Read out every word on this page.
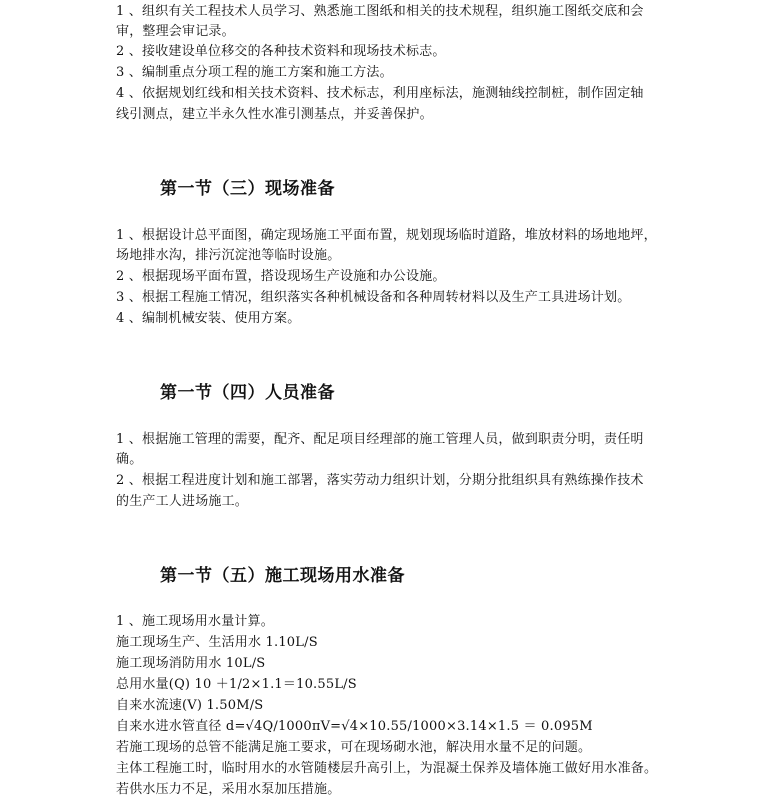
1 、组织有关工程技术人员学习、熟悉施工图纸和相关的技术规程，组织施工图纸交底和会
审，整理会审记录。
2 、接收建设单位移交的各种技术资料和现场技术标志。
3 、编制重点分项工程的施工方案和施工方法。
4 、依据规划红线和相关技术资料、技术标志，利用座标法，施测轴线控制桩，制作固定轴
线引测点，建立半永久性水准引测基点，并妥善保护。
第一节（三）现场准备
1 、根据设计总平面图，确定现场施工平面布置，规划现场临时道路，堆放材料的场地地坪，
场地排水沟，排污沉淀池等临时设施。
2 、根据现场平面布置，搭设现场生产设施和办公设施。
3 、根据工程施工情况，组织落实各种机械设备和各种周转材料以及生产工具进场计划。
4 、编制机械安装、使用方案。
第一节（四）人员准备
1 、根据施工管理的需要，配齐、配足项目经理部的施工管理人员，做到职责分明，责任明
确。
2 、根据工程进度计划和施工部署，落实劳动力组织计划，分期分批组织具有熟练操作技术
的生产工人进场施工。
第一节（五）施工现场用水准备
1 、施工现场用水量计算。
施工现场生产、生活用水 1.10L/S
施工现场消防用水 10L/S
总用水量(Q) 10 ＋1/2×1.1＝10.55L/S
自来水流速(V) 1.50M/S
自来水进水管直径 d=√4Q/1000πV=√4×10.55/1000×3.14×1.5 ＝ 0.095M
若施工现场的总管不能满足施工要求，可在现场砌水池，解决用水量不足的问题。
主体工程施工时，临时用水的水管随楼层升高引上，为混凝土保养及墙体施工做好用水准备。
若供水压力不足，采用水泵加压措施。
